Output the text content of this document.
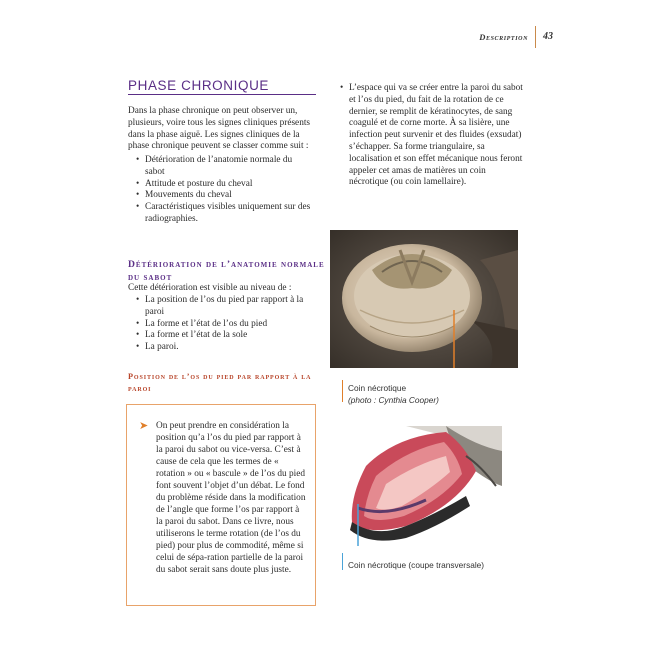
Description 43
PHASE CHRONIQUE
Dans la phase chronique on peut observer un, plusieurs, voire tous les signes cliniques présents dans la phase aiguë. Les signes cliniques de la phase chronique peuvent se classer comme suit :
• Détérioration de l’anatomie normale du sabot
• Attitude et posture du cheval
• Mouvements du cheval
• Caractéristiques visibles uniquement sur des radiographies.
Détérioration de l’anatomie normale du sabot
Cette détérioration est visible au niveau de :
• La position de l’os du pied par rapport à la paroi
• La forme et l’état de l’os du pied
• La forme et l’état de la sole
• La paroi.
Position de l’os du pied par rapport à la paroi
➤ On peut prendre en considération la position qu’a l’os du pied par rapport à la paroi du sabot ou vice-versa. C’est à cause de cela que les termes de « rotation » ou « bascule » de l’os du pied font souvent l’objet d’un débat. Le fond du problème réside dans la modification de l’angle que forme l’os par rapport à la paroi du sabot. Dans ce livre, nous utiliserons le terme rotation (de l’os du pied) pour plus de commodité, même si celui de sépa-ration partielle de la paroi du sabot serait sans doute plus juste.
• L’espace qui va se créer entre la paroi du sabot et l’os du pied, du fait de la rotation de ce dernier, se remplit de kératinocytes, de sang coagulé et de corne morte. À sa lisière, une infection peut survenir et des fluides (exsudat) s’échapper. Sa forme triangulaire, sa localisation et son effet mécanique nous feront appeler cet amas de matières un coin nécrotique (ou coin lamellaire).
Coin nécrotique
(photo : Cynthia Cooper)
Coin nécrotique (coupe transversale)
